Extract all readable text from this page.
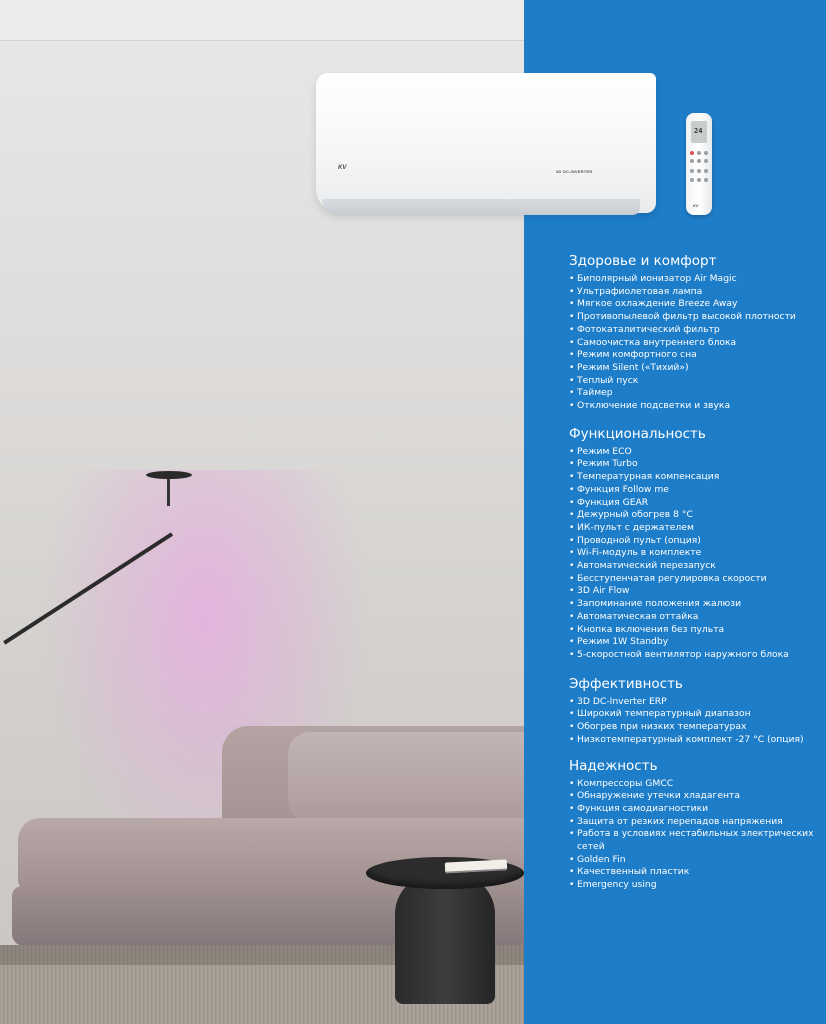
KV
3D DC-INVERTER
24
KV
Здоровье и комфорт
• Биполярный ионизатор Air Magic
• Ультрафиолетовая лампа
• Мягкое охлаждение Breeze Away
• Противопылевой фильтр высокой плотности
• Фотокаталитический фильтр
• Самоочистка внутреннего блока
• Режим комфортного сна
• Режим Silent («Тихий»)
• Теплый пуск
• Таймер
• Отключение подсветки и звука
Функциональность
• Режим ECO
• Режим Turbo
• Температурная компенсация
• Функция Follow me
• Функция GEAR
• Дежурный обогрев 8 °С
• ИК-пульт с держателем
• Проводной пульт (опция)
• Wi-Fi-модуль в комплекте
• Автоматический перезапуск
• Бесступенчатая регулировка скорости
• 3D Air Flow
• Запоминание положения жалюзи
• Автоматическая оттайка
• Кнопка включения без пульта
• Режим 1W Standby
• 5-скоростной вентилятор наружного блока
Эффективность
• 3D DC-Inverter ERP
• Широкий температурный диапазон
• Обогрев при низких температурах
• Низкотемпературный комплект -27 °С (опция)
Надежность
• Компрессоры GMCC
• Обнаружение утечки хладагента
• Функция самодиагностики
• Защита от резких перепадов напряжения
• Работа в условиях нестабильных электрических сетей
• Golden Fin
• Качественный пластик
• Emergency using
